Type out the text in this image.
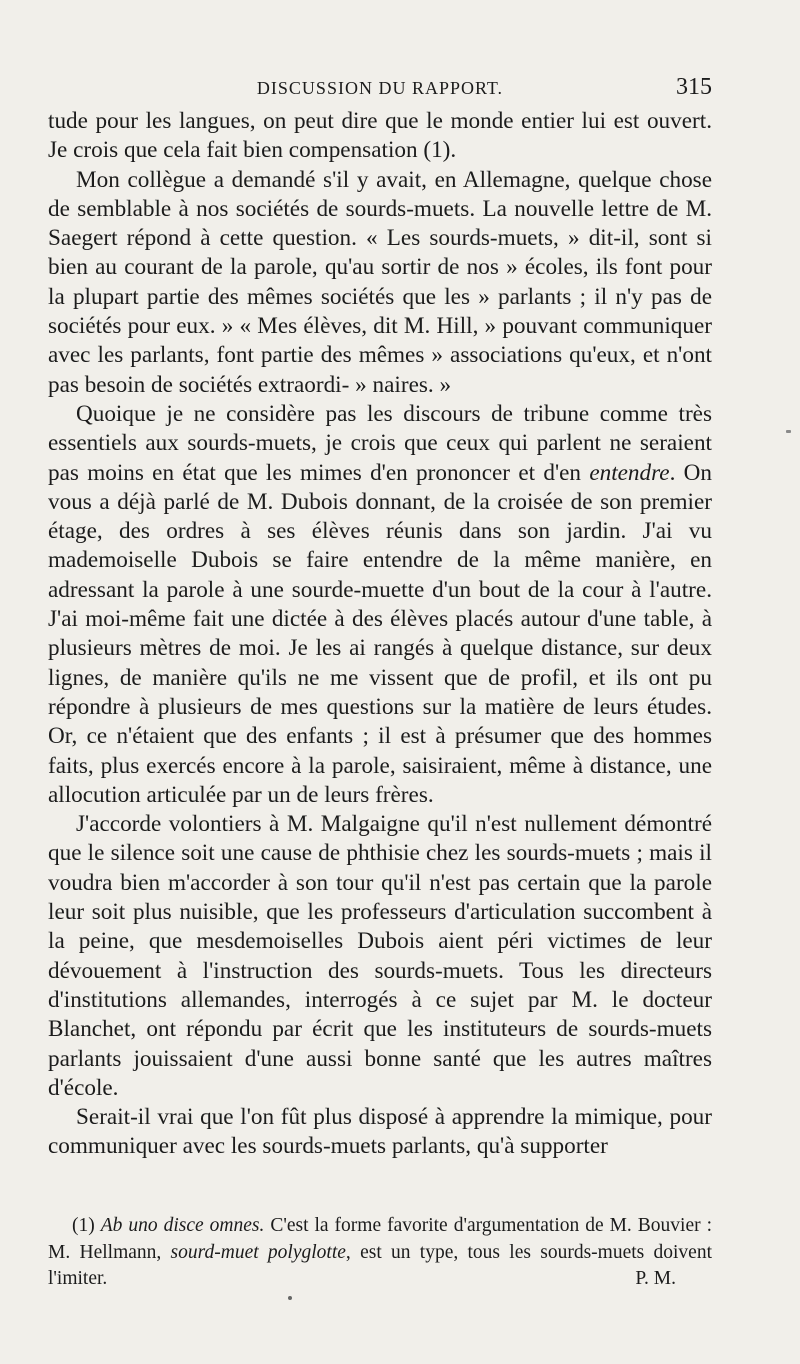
DISCUSSION DU RAPPORT.	315

tude pour les langues, on peut dire que le monde entier lui est ouvert. Je crois que cela fait bien compensation (1).

Mon collègue a demandé s'il y avait, en Allemagne, quelque chose de semblable à nos sociétés de sourds-muets. La nouvelle lettre de M. Saegert répond à cette question. « Les sourds-muets, » dit-il, sont si bien au courant de la parole, qu'au sortir de nos » écoles, ils font pour la plupart partie des mêmes sociétés que les » parlants ; il n'y pas de sociétés pour eux. » « Mes élèves, dit M. Hill, » pouvant communiquer avec les parlants, font partie des mêmes » associations qu'eux, et n'ont pas besoin de sociétés extraordi- » naires. »

Quoique je ne considère pas les discours de tribune comme très essentiels aux sourds-muets, je crois que ceux qui parlent ne seraient pas moins en état que les mimes d'en prononcer et d'en entendre. On vous a déjà parlé de M. Dubois donnant, de la croisée de son premier étage, des ordres à ses élèves réunis dans son jardin. J'ai vu mademoiselle Dubois se faire entendre de la même manière, en adressant la parole à une sourde-muette d'un bout de la cour à l'autre. J'ai moi-même fait une dictée à des élèves placés autour d'une table, à plusieurs mètres de moi. Je les ai rangés à quelque distance, sur deux lignes, de manière qu'ils ne me vissent que de profil, et ils ont pu répondre à plusieurs de mes questions sur la matière de leurs études. Or, ce n'étaient que des enfants ; il est à présumer que des hommes faits, plus exercés encore à la parole, saisiraient, même à distance, une allocution articulée par un de leurs frères.

J'accorde volontiers à M. Malgaigne qu'il n'est nullement démontré que le silence soit une cause de phthisie chez les sourds-muets ; mais il voudra bien m'accorder à son tour qu'il n'est pas certain que la parole leur soit plus nuisible, que les professeurs d'articulation succombent à la peine, que mesdemoiselles Dubois aient péri victimes de leur dévouement à l'instruction des sourds-muets. Tous les directeurs d'institutions allemandes, interrogés à ce sujet par M. le docteur Blanchet, ont répondu par écrit que les instituteurs de sourds-muets parlants jouissaient d'une aussi bonne santé que les autres maîtres d'école.

Serait-il vrai que l'on fût plus disposé à apprendre la mimique, pour communiquer avec les sourds-muets parlants, qu'à supporter

(1) Ab uno disce omnes. C'est la forme favorite d'argumentation de M. Bouvier : M. Hellmann, sourd-muet polyglotte, est un type, tous les sourds-muets doivent l'imiter.	P. M.
